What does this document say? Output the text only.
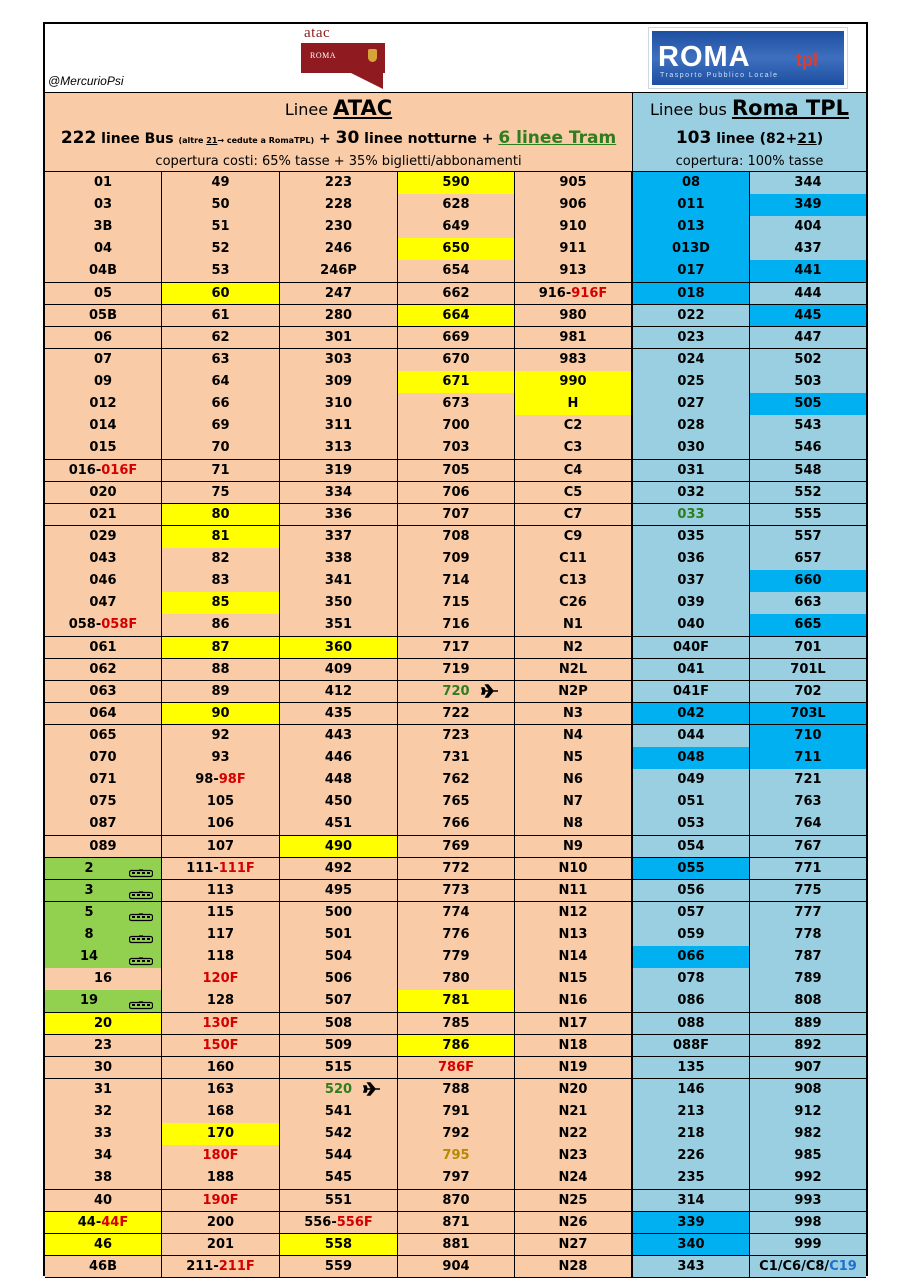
@MercurioPsi
atac
ROMA	ROMA	tpl
Trasporto Pubblico Locale
Linee ATAC
222 linee Bus (altre 21→ cedute a RomaTPL) + 30 linee notturne + 6 linee Tram
copertura costi: 65% tasse + 35% biglietti/abbonamenti
Linee bus Roma TPL
103 linee (82+21)
copertura: 100% tasse
01
03
3B
04
04B
05
05B
06
07
09
012
014
015
016-016F
020
021
029
043
046
047
058-058F
061
062
063
064
065
070
071
075
087
089
2
3
5
8
14
16
19
20
23
30
31
32
33
34
38
40
44-44F
46
46B
49
50
51
52
53
60
61
62
63
64
66
69
70
71
75
80
81
82
83
85
86
87
88
89
90
92
93
98-98F
105
106
107
111-111F
113
115
117
118
120F
128
130F
150F
160
163
168
170
180F
188
190F
200
201
211-211F
223
228
230
246
246P
247
280
301
303
309
310
311
313
319
334
336
337
338
341
350
351
360
409
412
435
443
446
448
450
451
490
492
495
500
501
504
506
507
508
509
515
520
541
542
544
545
551
556-556F
558
559
590
628
649
650
654
662
664
669
670
671
673
700
703
705
706
707
708
709
714
715
716
717
719
720
722
723
731
762
765
766
769
772
773
774
776
779
780
781
785
786
786F
788
791
792
795
797
870
871
881
904
905
906
910
911
913
916-916F
980
981
983
990
H
C2
C3
C4
C5
C7
C9
C11
C13
C26
N1
N2
N2L
N2P
N3
N4
N5
N6
N7
N8
N9
N10
N11
N12
N13
N14
N15
N16
N17
N18
N19
N20
N21
N22
N23
N24
N25
N26
N27
N28
08
011
013
013D
017
018
022
023
024
025
027
028
030
031
032
033
035
036
037
039
040
040F
041
041F
042
044
048
049
051
053
054
055
056
057
059
066
078
086
088
088F
135
146
213
218
226
235
314
339
340
343
344
349
404
437
441
444
445
447
502
503
505
543
546
548
552
555
557
657
660
663
665
701
701L
702
703L
710
711
721
763
764
767
771
775
777
778
787
789
808
889
892
907
908
912
982
985
992
993
998
999
C1/C6/C8/C19
